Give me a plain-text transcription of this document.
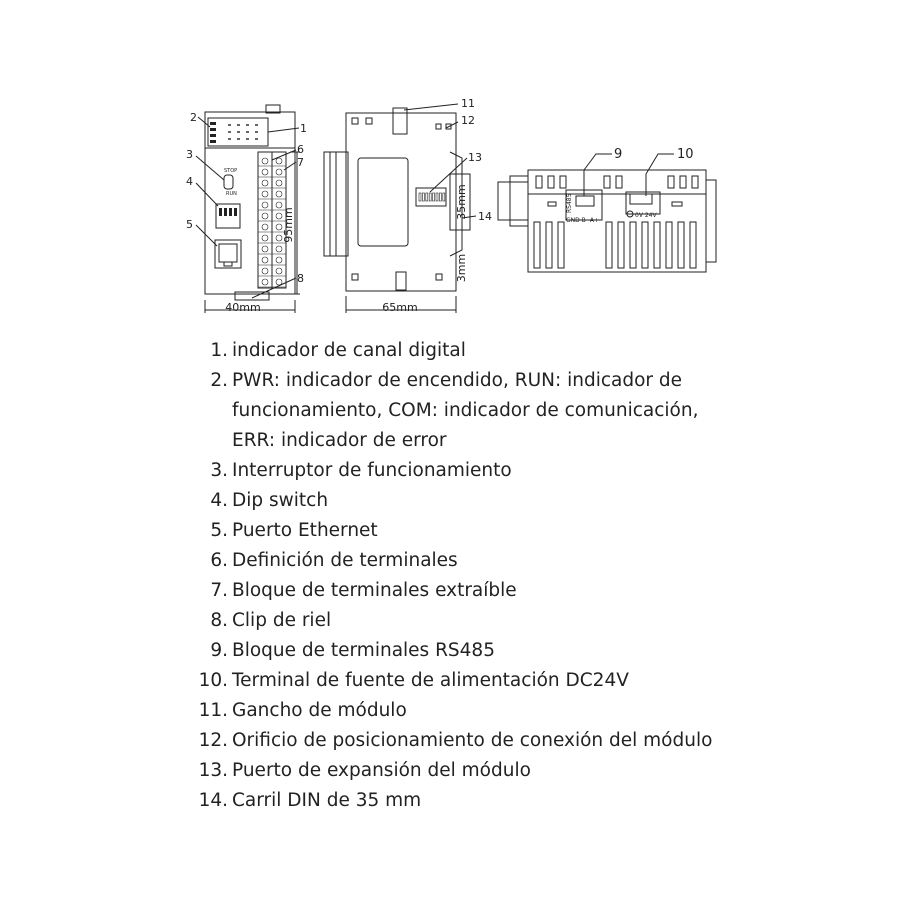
STOP
RUN
95mm
40mm	65mm
35mm
3mm
RS485
GND B- A+
0V 24V
2
1
3	6
7
4
5
8
11
12
13
14
9	10
1. indicador de canal digital
2. PWR: indicador de encendido, RUN: indicador de
funcionamiento, COM: indicador de comunicación,
ERR: indicador de error
3. Interruptor de funcionamiento
4. Dip switch
5. Puerto Ethernet
6. Definición de terminales
7. Bloque de terminales extraíble
8. Clip de riel
9. Bloque de terminales RS485
10. Terminal de fuente de alimentación DC24V
11. Gancho de módulo
12. Orificio de posicionamiento de conexión del módulo
13. Puerto de expansión del módulo
14. Carril DIN de 35 mm
